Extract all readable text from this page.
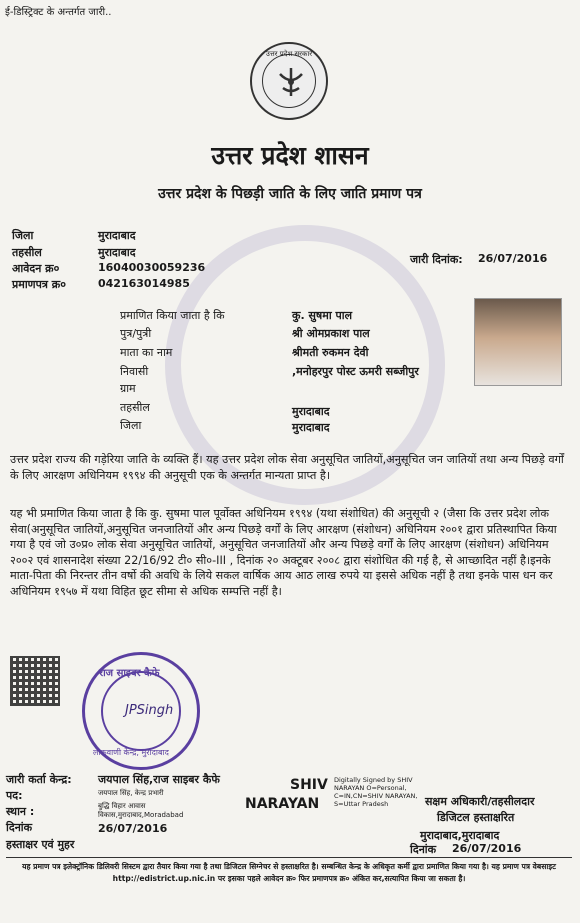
ई-डिस्ट्रिक्ट के अन्तर्गत जारी..
उत्तर प्रदेश सरकार
उत्तर प्रदेश शासन
उत्तर प्रदेश के पिछड़ी जाति के लिए जाति प्रमाण पत्र
जिला	मुरादाबाद
तहसील	मुरादाबाद
आवेदन क्र०	16040030059236
प्रमाणपत्र क्र०	042163014985
जारी दिनांक: 26/07/2016
प्रमाणित किया जाता है कि	कु. सुषमा पाल
पुत्र/पुत्री	श्री ओमप्रकाश पाल
माता का नाम	श्रीमती रुकमन देवी
निवासी	,मनोहरपुर पोस्ट ऊमरी सब्जीपुर
ग्राम
तहसील	मुरादाबाद
जिला	मुरादाबाद
उत्तर प्रदेश राज्य की गड़ेरिया जाति के व्यक्ति हैं। यह उत्तर प्रदेश लोक सेवा अनुसूचित जातियों,अनुसूचित जन जातियों तथा अन्य पिछड़े वर्गों के लिए आरक्षण अधिनियम १९९४ की अनुसूची एक के अन्तर्गत मान्यता प्राप्त है।
यह भी प्रमाणित किया जाता है कि कु. सुषमा पाल पूर्वोक्त अधिनियम १९९४ (यथा संशोधित) की अनुसूची २ (जैसा कि उत्तर प्रदेश लोक सेवा(अनुसूचित जातियों,अनुसूचित जनजातियों और अन्य पिछड़े वर्गों के लिए आरक्षण (संशोधन) अधिनियम २००१ द्वारा प्रतिस्थापित किया गया है एवं जो उ०प्र० लोक सेवा अनुसूचित जातियों, अनुसूचित जनजातियों और अन्य पिछड़े वर्गों के लिए आरक्षण (संशोधन) अधिनियम २००२ एवं शासनादेश संख्या 22/16/92 टी० सी०-III , दिनांक २० अक्टूबर २००८ द्वारा संशोधित की गई है, से आच्छादित नहीं है।इनके माता-पिता की निरन्तर तीन वर्षो की अवधि के लिये सकल वार्षिक आय आठ लाख रुपये या इससे अधिक नहीं है तथा इनके पास धन कर अधिनियम १९५७ में यथा विहित छूट सीमा से अधिक सम्पत्ति नहीं है।
राज साइबर कैफे
JPSingh
लोकवाणी केन्द्र, मुरादाबाद
जारी कर्ता केन्द्र: जयपाल सिंह,राज साइबर कैफे
पद:	जयपाल सिंह, केन्द्र प्रभारी
स्थान :	बुद्धि विहार आवास विकास,मुरादाबाद,Moradabad
दिनांक	26/07/2016
हस्ताक्षर एवं मुहर
SHIV
NARAYAN
Digitally Signed by SHIV NARAYAN O=Personal, C=IN,CN=SHIV NARAYAN, S=Uttar Pradesh	सक्षम अधिकारी/तहसीलदार
डिजिटल हस्ताक्षरित
मुरादाबाद,मुरादाबाद
दिनांक 26/07/2016
यह प्रमाण पत्र इलेक्ट्रॉनिक डिलिवरी सिस्टम द्वारा तैयार किया गया है तथा डिजिटल सिग्नेचर से हस्ताक्षरित है। सम्बन्धित केन्द्र के अधिकृत कर्मी द्वारा प्रमाणित किया गया है। यह प्रमाण पत्र वेबसाइट http://edistrict.up.nic.in पर इसका पहले आवेदन क्र० फिर प्रमाणपत्र क्र० अंकित कर,सत्यापित किया जा सकता है।
